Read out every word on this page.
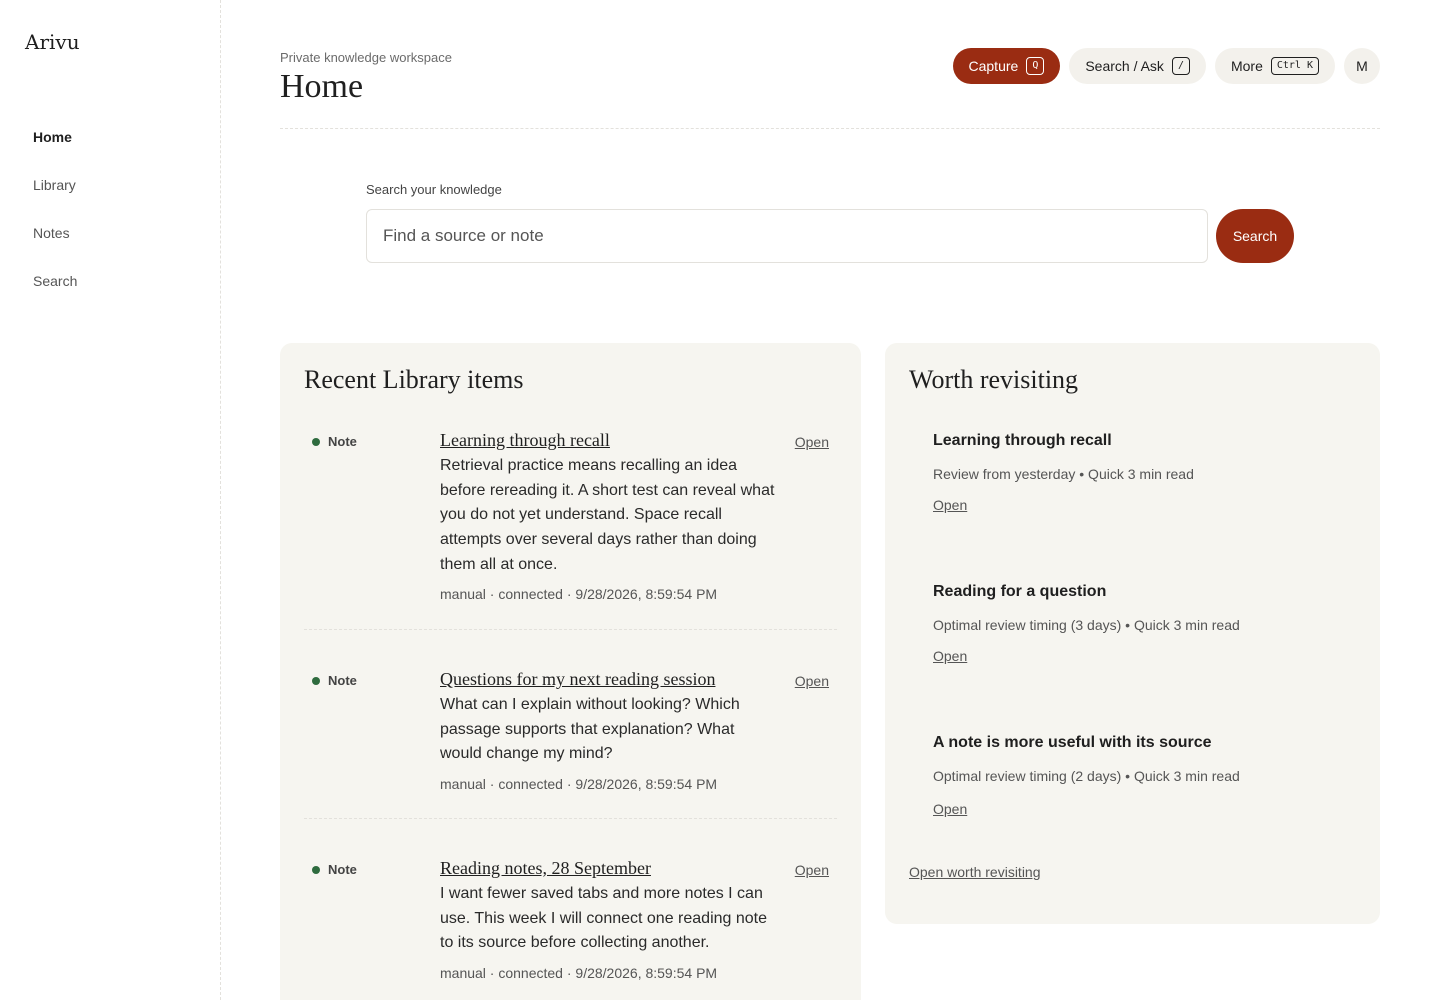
Arivu
Home
Library
Notes
Search
Private knowledge workspace
Home
Capture	Q	Search / Ask	/	More	Ctrl K	M
Search your knowledge
Find a source or note
Search
Recent Library items
Note	Learning through recall	Open

Retrieval practice means recalling an idea before rereading it. A short test can reveal what you do not yet understand. Space recall attempts over several days rather than doing them all at once.

manual · connected · 9/28/2026, 8:59:54 PM
Note	Questions for my next reading session	Open

What can I explain without looking? Which passage supports that explanation? What would change my mind?

manual · connected · 9/28/2026, 8:59:54 PM
Note	Reading notes, 28 September	Open

I want fewer saved tabs and more notes I can use. This week I will connect one reading note to its source before collecting another.

manual · connected · 9/28/2026, 8:59:54 PM
Worth revisiting
Learning through recall
Review from yesterday • Quick 3 min read
Open
Reading for a question
Optimal review timing (3 days) • Quick 3 min read
Open
A note is more useful with its source
Optimal review timing (2 days) • Quick 3 min read
Open
Open worth revisiting
